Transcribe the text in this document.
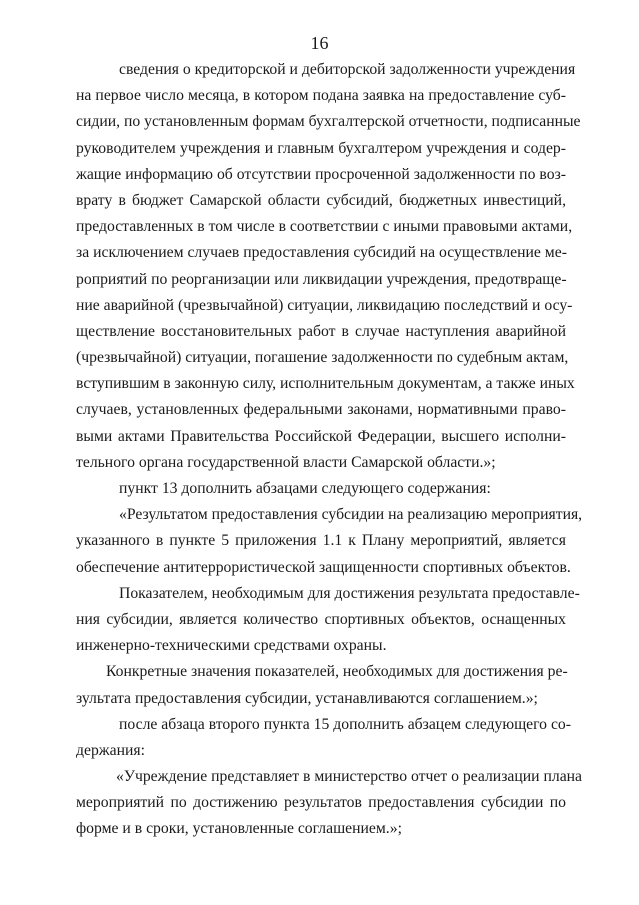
16
сведения о кредиторской и дебиторской задолженности учреждения
на первое число месяца, в котором подана заявка на предоставление суб-
сидии, по установленным формам бухгалтерской отчетности, подписанные
руководителем учреждения и главным бухгалтером учреждения и содер-
жащие информацию об отсутствии просроченной задолженности по воз-
врату в бюджет Самарской области субсидий, бюджетных инвестиций,
предоставленных в том числе в соответствии с иными правовыми актами,
за исключением случаев предоставления субсидий на осуществление ме-
роприятий по реорганизации или ликвидации учреждения, предотвраще-
ние аварийной (чрезвычайной) ситуации, ликвидацию последствий и осу-
ществление восстановительных работ в случае наступления аварийной
(чрезвычайной) ситуации, погашение задолженности по судебным актам,
вступившим в законную силу, исполнительным документам, а также иных
случаев, установленных федеральными законами, нормативными право-
выми актами Правительства Российской Федерации, высшего исполни-
тельного органа государственной власти Самарской области.»;
пункт 13 дополнить абзацами следующего содержания:
«Результатом предоставления субсидии на реализацию мероприятия,
указанного в пункте 5 приложения 1.1 к Плану мероприятий, является
обеспечение антитеррористической защищенности спортивных объектов.
Показателем, необходимым для достижения результата предоставле-
ния субсидии, является количество спортивных объектов, оснащенных
инженерно-техническими средствами охраны.
Конкретные значения показателей, необходимых для достижения ре-
зультата предоставления субсидии, устанавливаются соглашением.»;
после абзаца второго пункта 15 дополнить абзацем следующего со-
держания:
«Учреждение представляет в министерство отчет о реализации плана
мероприятий по достижению результатов предоставления субсидии по
форме и в сроки, установленные соглашением.»;
